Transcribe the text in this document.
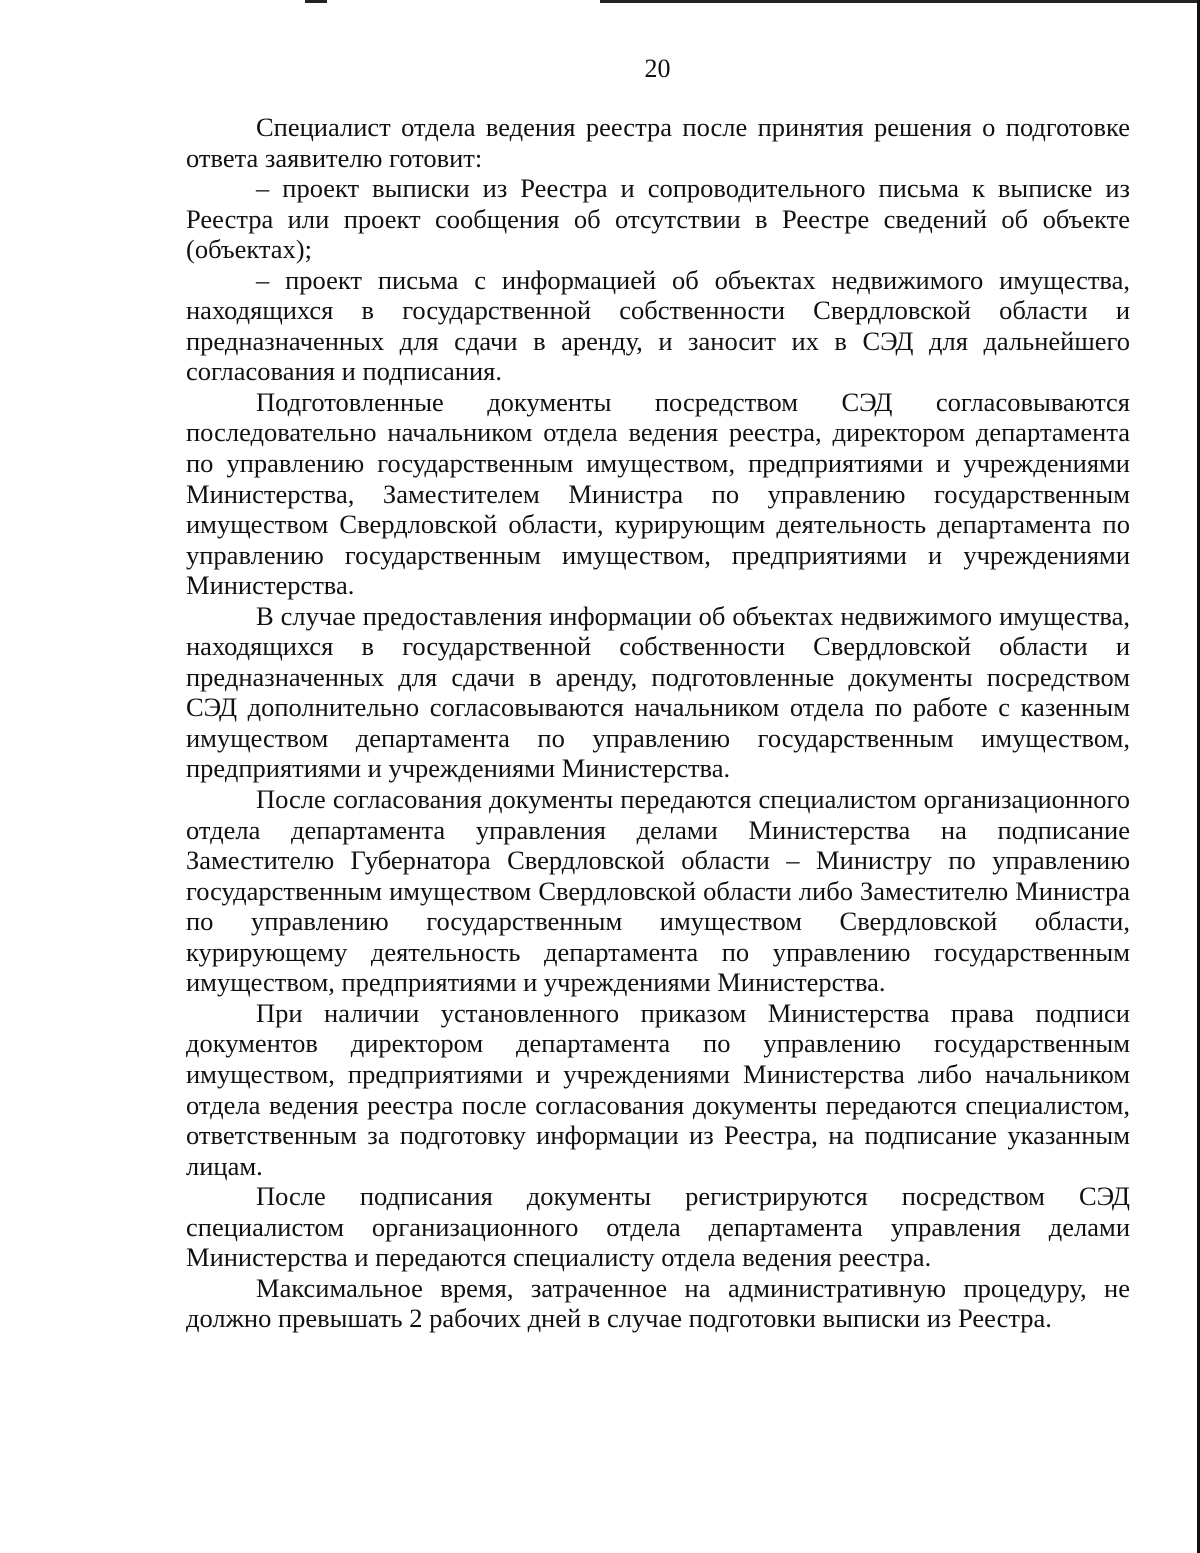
20

Специалист отдела ведения реестра после принятия решения о подготовке ответа заявителю готовит:

– проект выписки из Реестра и сопроводительного письма к выписке из Реестра или проект сообщения об отсутствии в Реестре сведений об объекте (объектах);

– проект письма с информацией об объектах недвижимого имущества, находящихся в государственной собственности Свердловской области и предназначенных для сдачи в аренду, и заносит их в СЭД для дальнейшего согласования и подписания.

Подготовленные документы посредством СЭД согласовываются последовательно начальником отдела ведения реестра, директором департамента по управлению государственным имуществом, предприятиями и учреждениями Министерства, Заместителем Министра по управлению государственным имуществом Свердловской области, курирующим деятельность департамента по управлению государственным имуществом, предприятиями и учреждениями Министерства.

В случае предоставления информации об объектах недвижимого имущества, находящихся в государственной собственности Свердловской области и предназначенных для сдачи в аренду, подготовленные документы посредством СЭД дополнительно согласовываются начальником отдела по работе с казенным имуществом департамента по управлению государственным имуществом, предприятиями и учреждениями Министерства.

После согласования документы передаются специалистом организационного отдела департамента управления делами Министерства на подписание Заместителю Губернатора Свердловской области – Министру по управлению государственным имуществом Свердловской области либо Заместителю Министра по управлению государственным имуществом Свердловской области, курирующему деятельность департамента по управлению государственным имуществом, предприятиями и учреждениями Министерства.

При наличии установленного приказом Министерства права подписи документов директором департамента по управлению государственным имуществом, предприятиями и учреждениями Министерства либо начальником отдела ведения реестра после согласования документы передаются специалистом, ответственным за подготовку информации из Реестра, на подписание указанным лицам.

После подписания документы регистрируются посредством СЭД специалистом организационного отдела департамента управления делами Министерства и передаются специалисту отдела ведения реестра.

Максимальное время, затраченное на административную процедуру, не должно превышать 2 рабочих дней в случае подготовки выписки из Реестра.
